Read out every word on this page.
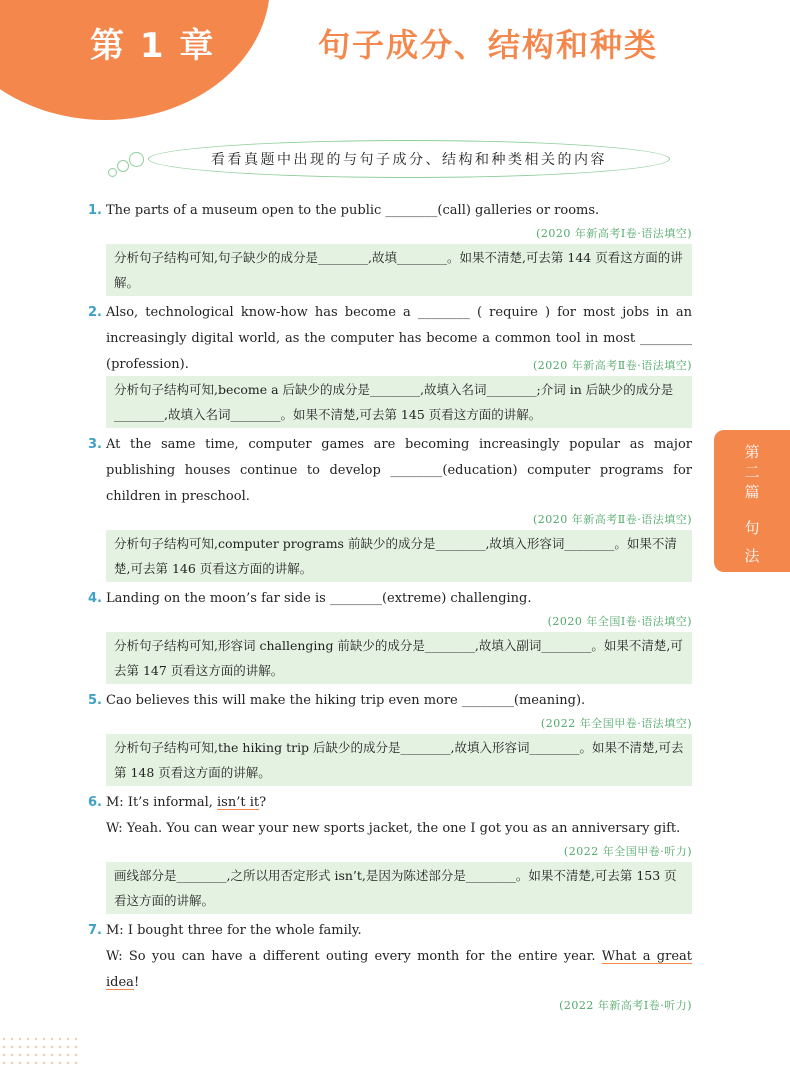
第 1 章	句子成分、结构和种类
看看真题中出现的与句子成分、结构和种类相关的内容
1. The parts of a museum open to the public ________(call) galleries or rooms.
(2020 年新高考Ⅰ卷·语法填空)
分析句子结构可知,句子缺少的成分是________,故填________。如果不清楚,可去第 144 页看这方面的讲解。
2. Also, technological know-how has become a ________ ( require ) for most jobs in an increasingly digital world, as the computer has become a common tool in most ________ (profession).	(2020 年新高考Ⅱ卷·语法填空)
分析句子结构可知,become a 后缺少的成分是________,故填入名词________;介词 in 后缺少的成分是________,故填入名词________。如果不清楚,可去第 145 页看这方面的讲解。
3. At the same time, computer games are becoming increasingly popular as major publishing houses continue to develop ________(education) computer programs for children in preschool.
(2020 年新高考Ⅱ卷·语法填空)
分析句子结构可知,computer programs 前缺少的成分是________,故填入形容词________。如果不清楚,可去第 146 页看这方面的讲解。
4. Landing on the moon’s far side is ________(extreme) challenging.
(2020 年全国Ⅰ卷·语法填空)
分析句子结构可知,形容词 challenging 前缺少的成分是________,故填入副词________。如果不清楚,可去第 147 页看这方面的讲解。
5. Cao believes this will make the hiking trip even more ________(meaning).
(2022 年全国甲卷·语法填空)
分析句子结构可知,the hiking trip 后缺少的成分是________,故填入形容词________。如果不清楚,可去第 148 页看这方面的讲解。
6. M: It’s informal, isn’t it?
W: Yeah. You can wear your new sports jacket, the one I got you as an anniversary gift.
(2022 年全国甲卷·听力)
画线部分是________,之所以用否定形式 isn’t,是因为陈述部分是________。如果不清楚,可去第 153 页看这方面的讲解。
7. M: I bought three for the whole family.
W: So you can have a different outing every month for the entire year. What a great idea!
(2022 年新高考Ⅰ卷·听力)
第二篇
句法
